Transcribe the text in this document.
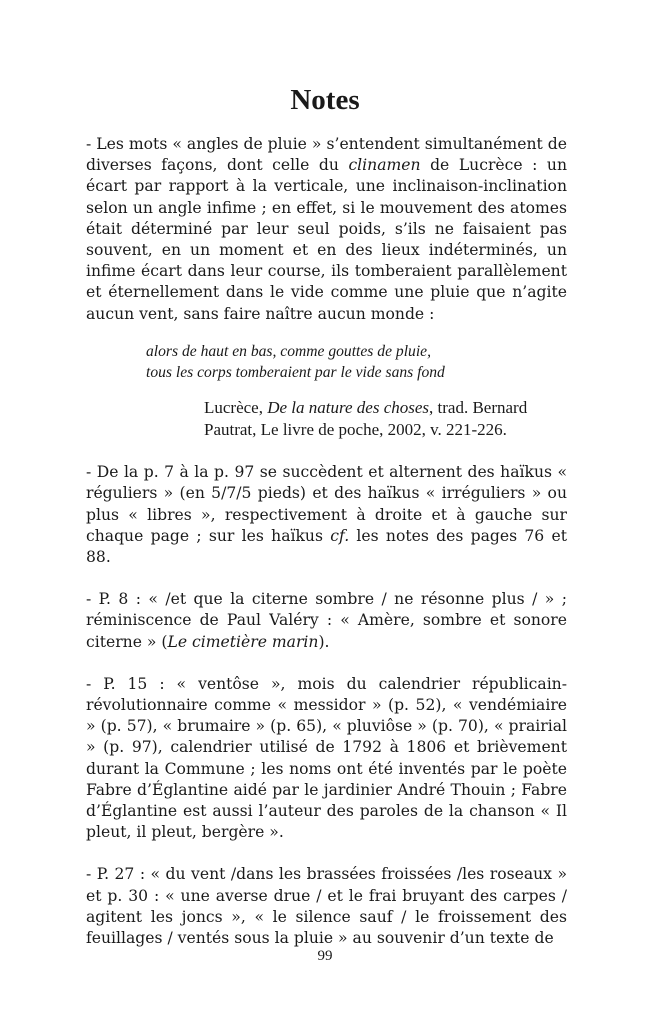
Notes

- Les mots « angles de pluie » s’entendent simultanément de diverses façons, dont celle du clinamen de Lucrèce : un écart par rapport à la verticale, une inclinaison-inclination selon un angle infime ; en effet, si le mouvement des atomes était déterminé par leur seul poids, s’ils ne faisaient pas souvent, en un moment et en des lieux indéterminés, un infime écart dans leur course, ils tomberaient parallèlement et éternellement dans le vide comme une pluie que n’agite aucun vent, sans faire naître aucun monde :

alors de haut en bas, comme gouttes de pluie,
tous les corps tomberaient par le vide sans fond

Lucrèce, De la nature des choses, trad. Bernard Pautrat, Le livre de poche, 2002, v. 221-226.

- De la p. 7 à la p. 97 se succèdent et alternent des haïkus « réguliers » (en 5/7/5 pieds) et des haïkus « irréguliers » ou plus « libres », respectivement à droite et à gauche sur chaque page ; sur les haïkus cf. les notes des pages 76 et 88.

- P. 8 : « /et que la citerne sombre / ne résonne plus / » ; réminiscence de Paul Valéry : « Amère, sombre et sonore citerne » (Le cimetière marin).

- P. 15 : « ventôse », mois du calendrier républicain-révolutionnaire comme « messidor » (p. 52), « vendémiaire » (p. 57), « brumaire » (p. 65), « pluviôse » (p. 70), « prairial » (p. 97), calendrier utilisé de 1792 à 1806 et brièvement durant la Commune ; les noms ont été inventés par le poète Fabre d’Églantine aidé par le jardinier André Thouin ; Fabre d’Églantine est aussi l’auteur des paroles de la chanson « Il pleut, il pleut, bergère ».

- P. 27 : « du vent /dans les brassées froissées /les roseaux » et p. 30 : « une averse drue / et le frai bruyant des carpes / agitent les joncs », « le silence sauf / le froissement des feuillages / ventés sous la pluie » au souvenir d’un texte de

99
